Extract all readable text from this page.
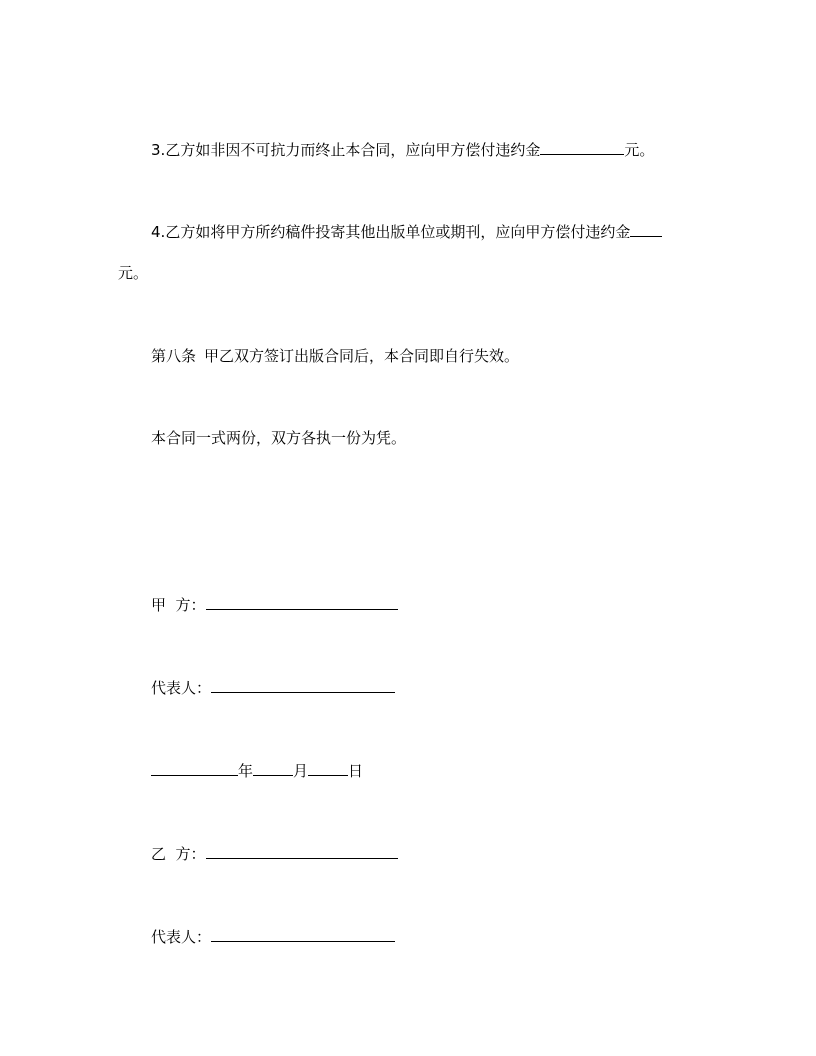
3.乙方如非因不可抗力而终止本合同，应向甲方偿付违约金	元。
4.乙方如将甲方所约稿件投寄其他出版单位或期刊，应向甲方偿付违约金
元。
第八条 甲乙双方签订出版合同后，本合同即自行失效。
本合同一式两份，双方各执一份为凭。
甲  方：
代表人：
年	月	日
乙  方：
代表人：
